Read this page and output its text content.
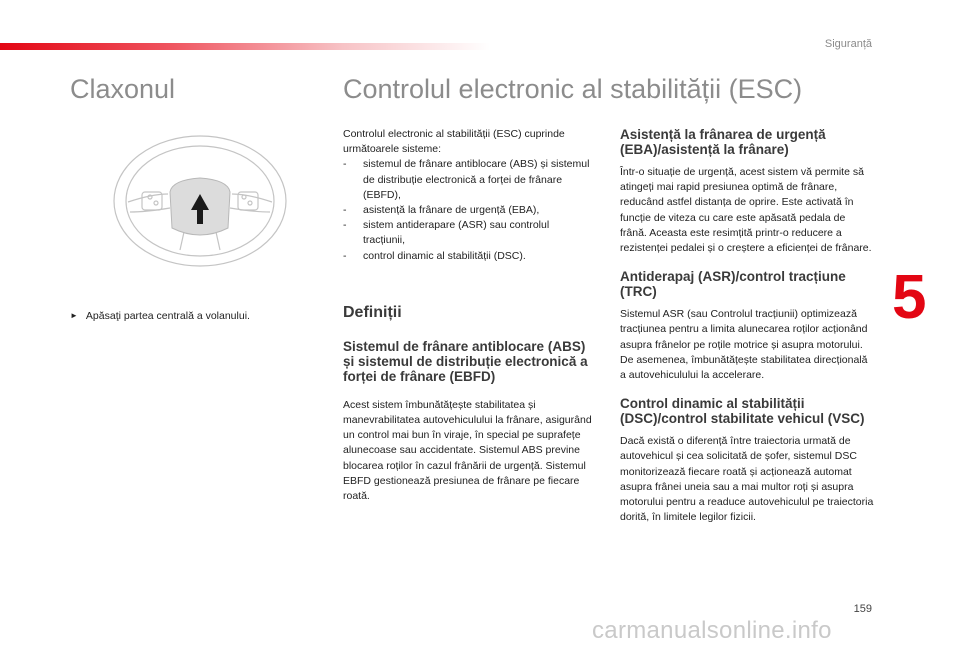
Siguranță
Claxonul	Controlul electronic al stabilității (ESC)
► Apăsaţi partea centrală a volanului.

Controlul electronic al stabilității (ESC) cuprinde următoarele sisteme:

- sistemul de frânare antiblocare (ABS) și sistemul de distribuție electronică a forței de frânare (EBFD),
- asistență la frânare de urgență (EBA),
- sistem antiderapare (ASR) sau controlul tracțiunii,
- control dinamic al stabilității (DSC).
Definiții
Sistemul de frânare antiblocare (ABS) și sistemul de distribuție electronică a forței de frânare (EBFD)

Acest sistem îmbunătățește stabilitatea și manevrabilitatea autovehiculului la frânare, asigurând un control mai bun în viraje, în special pe suprafețe alunecoase sau accidentate. Sistemul ABS previne blocarea roților în cazul frânării de urgență. Sistemul EBFD gestionează presiunea de frânare pe fiecare roată.

Asistență la frânarea de urgență (EBA)/asistență la frânare)

Într-o situație de urgență, acest sistem vă permite să atingeți mai rapid presiunea optimă de frânare, reducând astfel distanța de oprire. Este activată în funcție de viteza cu care este apăsată pedala de frână. Aceasta este resimțită printr-o reducere a rezistenței pedalei și o creștere a eficienței de frânare.

Antiderapaj (ASR)/control tracțiune (TRC)

Sistemul ASR (sau Controlul tracțiunii) optimizează tracțiunea pentru a limita alunecarea roților acționând asupra frânelor pe roțile motrice și asupra motorului. De asemenea, îmbunătățește stabilitatea direcțională a autovehiculului la accelerare.

Control dinamic al stabilității (DSC)/control stabilitate vehicul (VSC)

Dacă există o diferență între traiectoria urmată de autovehicul și cea solicitată de șofer, sistemul DSC monitorizează fiecare roată și acționează automat asupra frânei uneia sau a mai multor roți și asupra motorului pentru a readuce autovehiculul pe traiectoria dorită, în limitele legilor fizicii.

5
159
carmanualsonline.info
